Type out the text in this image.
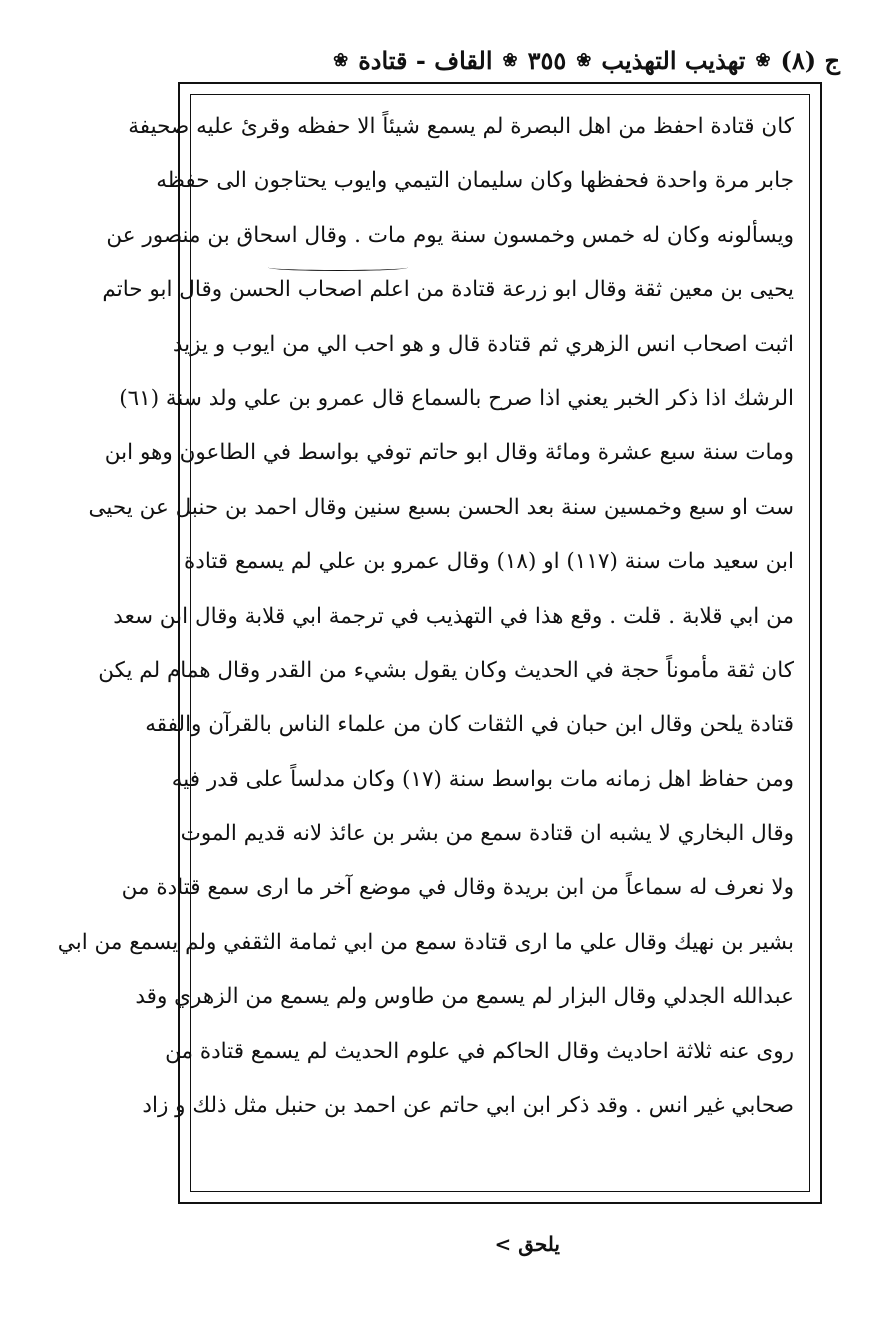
ج (٨)
❀
تهذيب التهذيب
❀
٣٥٥
❀
القاف - قتادة
❀
كان قتادة احفظ من اهل البصرة لم يسمع شيئاً الا حفظه وقرئ عليه صحيفة
جابر مرة واحدة فحفظها وكان سليمان التيمي وايوب يحتاجون الى حفظه
ويسألونه وكان له خمس وخمسون سنة يوم مات . وقال اسحاق بن منصور عن
يحيى بن معين ثقة وقال ابو زرعة قتادة من اعلم اصحاب الحسن وقال ابو حاتم
اثبت اصحاب انس الزهري ثم قتادة قال و هو احب الي من ايوب و يزيد
الرشك اذا ذكر الخبر يعني اذا صرح بالسماع قال عمرو بن علي ولد سنة (٦١)
ومات سنة سبع عشرة ومائة وقال ابو حاتم توفي بواسط في الطاعون وهو ابن
ست او سبع وخمسين سنة بعد الحسن بسبع سنين وقال احمد بن حنبل عن يحيى
ابن سعيد مات سنة (١١٧) او (١٨) وقال عمرو بن علي لم يسمع قتادة
من ابي قلابة . قلت . وقع هذا في التهذيب في ترجمة ابي قلابة وقال ابن سعد
كان ثقة مأموناً حجة في الحديث وكان يقول بشيء من القدر وقال همام لم يكن
قتادة يلحن وقال ابن حبان في الثقات كان من علماء الناس بالقرآن والفقه
ومن حفاظ اهل زمانه مات بواسط سنة (١٧) وكان مدلساً على قدر فيه
وقال البخاري لا يشبه ان قتادة سمع من بشر بن عائذ لانه قديم الموت
ولا نعرف له سماعاً من ابن بريدة وقال في موضع آخر ما ارى سمع قتادة من
بشير بن نهيك وقال علي ما ارى قتادة سمع من ابي ثمامة الثقفي ولم يسمع من ابي
عبدالله الجدلي وقال البزار لم يسمع من طاوس ولم يسمع من الزهري وقد
روى عنه ثلاثة احاديث وقال الحاكم في علوم الحديث لم يسمع قتادة من
صحابي غير انس . وقد ذكر ابن ابي حاتم عن احمد بن حنبل مثل ذلك و زاد
يلحق >
